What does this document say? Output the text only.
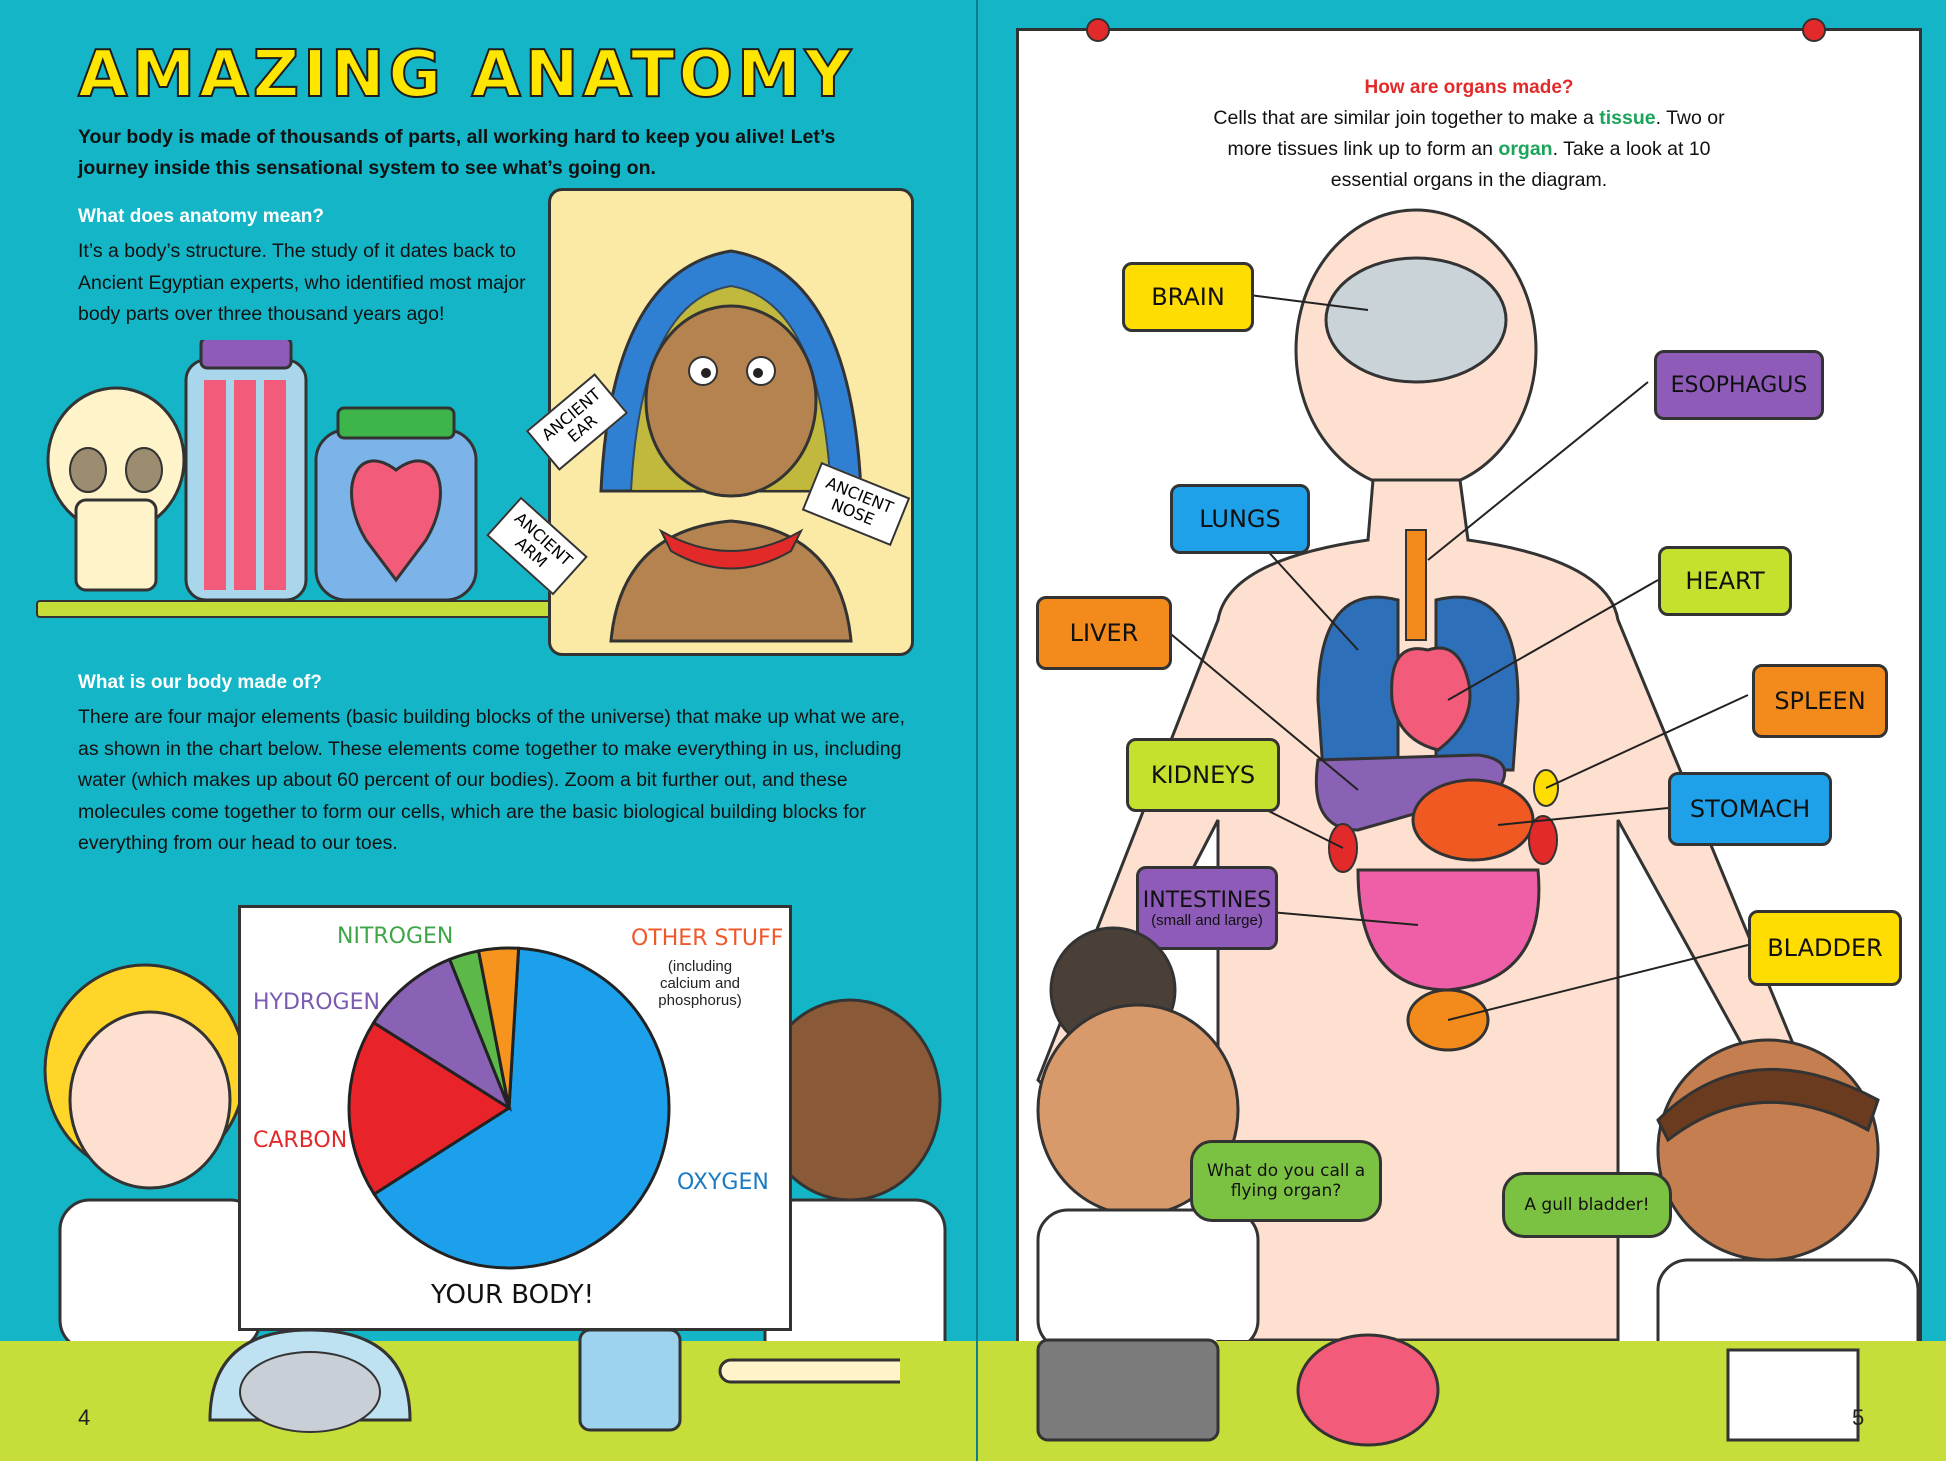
AMAZING ANATOMY
Your body is made of thousands of parts, all working hard to keep you alive! Let’s journey inside this sensational system to see what’s going on.
What does anatomy mean?
It’s a body’s structure. The study of it dates back to Ancient Egyptian experts, who identified most major body parts over three thousand years ago!
ANCIENT EAR
ANCIENT NOSE
ANCIENT ARM
What is our body made of?
There are four major elements (basic building blocks of the universe) that make up what we are, as shown in the chart below. These elements come together to make everything in us, including water (which makes up about 60 percent of our bodies). Zoom a bit further out, and these molecules come together to form our cells, which are the basic biological building blocks for everything from our head to our toes.
NITROGEN
HYDROGEN
CARBON
OTHER STUFF
(including calcium and phosphorus)
OXYGEN
YOUR BODY!
4
How are organs made?
Cells that are similar join together to make a tissue. Two or more tissues link up to form an organ. Take a look at 10 essential organs in the diagram.
BRAIN
ESOPHAGUS
LUNGS
HEART
LIVER
SPLEEN
KIDNEYS
STOMACH
INTESTINES
(small and large)
BLADDER
What do you call a flying organ?
A gull bladder!
5
